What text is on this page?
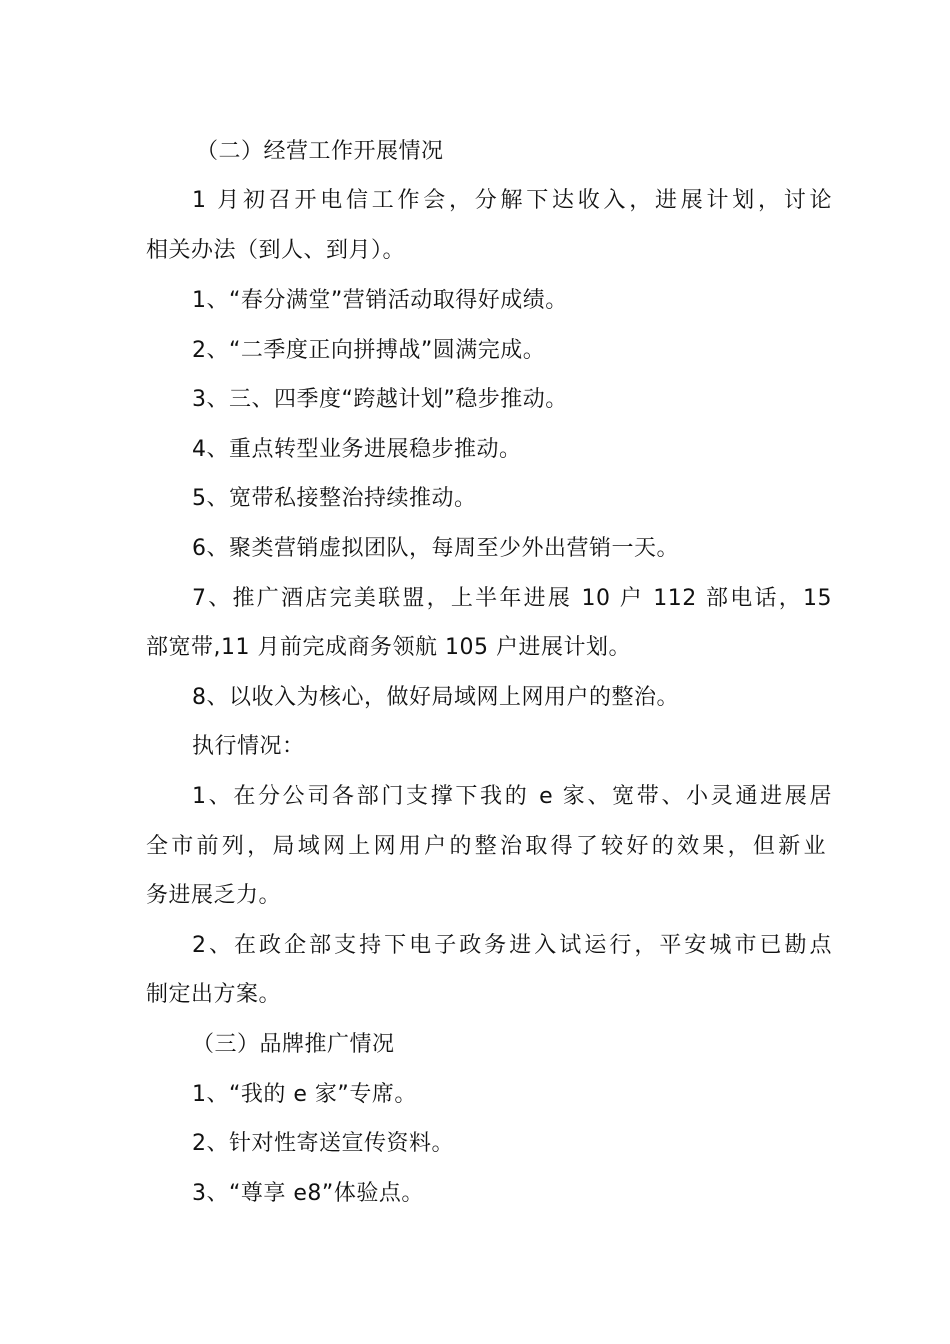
（二）经营工作开展情况
1 月初召开电信工作会，分解下达收入，进展计划，讨论
相关办法（到人、到月）。
1、“春分满堂”营销活动取得好成绩。
2、“二季度正向拼搏战”圆满完成。
3、三、四季度“跨越计划”稳步推动。
4、重点转型业务进展稳步推动。
5、宽带私接整治持续推动。
6、聚类营销虚拟团队，每周至少外出营销一天。
7、推广酒店完美联盟，上半年进展 10 户 112 部电话，15
部宽带,11 月前完成商务领航 105 户进展计划。
8、以收入为核心，做好局域网上网用户的整治。
执行情况：
1、在分公司各部门支撑下我的 e 家、宽带、小灵通进展居
全市前列，局域网上网用户的整治取得了较好的效果，但新业
务进展乏力。
2、在政企部支持下电子政务进入试运行，平安城市已勘点
制定出方案。
（三）品牌推广情况
1、“我的 e 家”专席。
2、针对性寄送宣传资料。
3、“尊享 e8”体验点。
